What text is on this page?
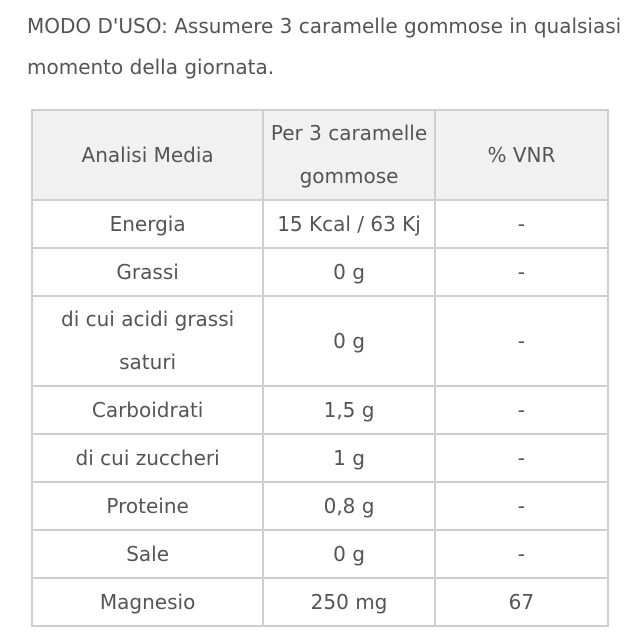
MODO D'USO: Assumere 3 caramelle gommose in qualsiasi momento della giornata.

Analisi Media	Per 3 caramelle gommose	% VNR
Energia	15 Kcal / 63 Kj	-
Grassi	0 g	-
di cui acidi grassi saturi	0 g	-
Carboidrati	1,5 g	-
di cui zuccheri	1 g	-
Proteine	0,8 g	-
Sale	0 g	-
Magnesio	250 mg	67
